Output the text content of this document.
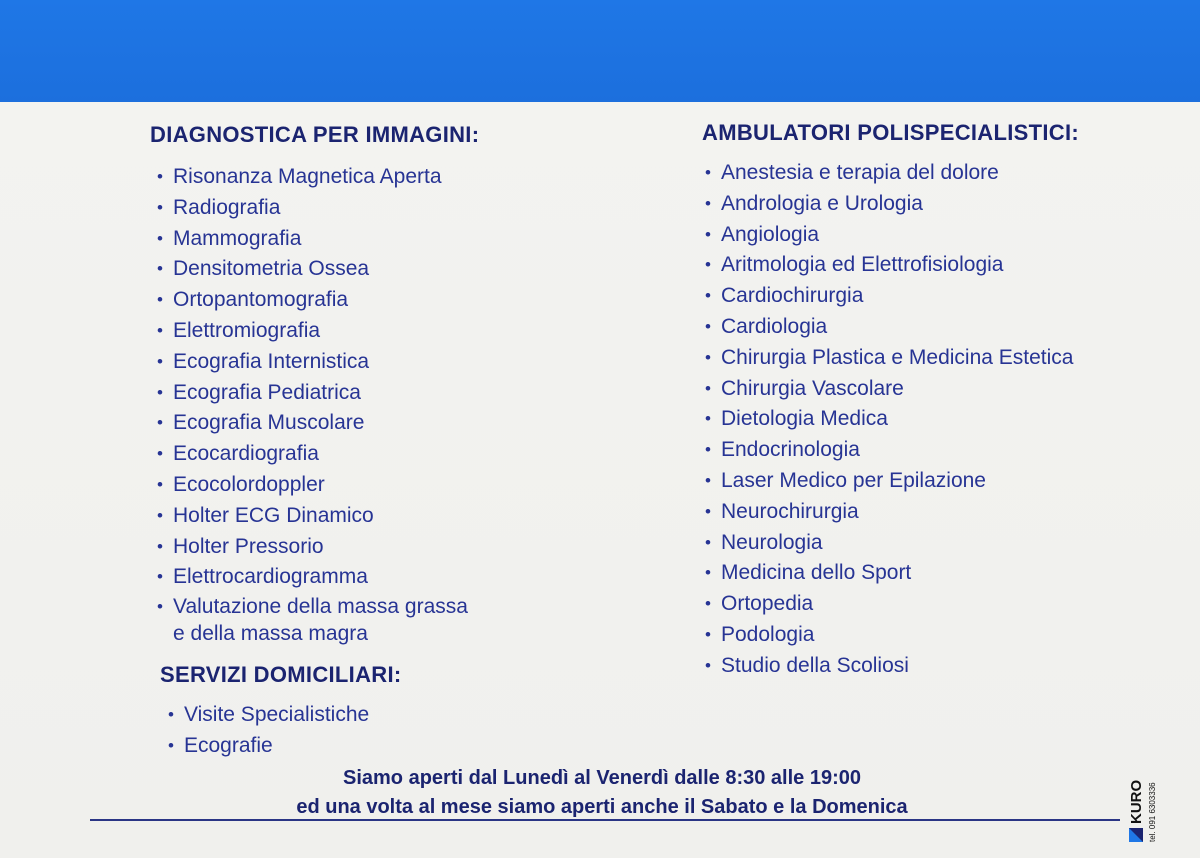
DIAGNOSTICA PER IMMAGINI:
• Risonanza Magnetica Aperta
• Radiografia
• Mammografia
• Densitometria Ossea
• Ortopantomografia
• Elettromiografia
• Ecografia Internistica
• Ecografia Pediatrica
• Ecografia Muscolare
• Ecocardiografia
• Ecocolordoppler
• Holter ECG Dinamico
• Holter Pressorio
• Elettrocardiogramma
• Valutazione della massa grassa
e della massa magra
SERVIZI DOMICILIARI:
• Visite Specialistiche
• Ecografie
AMBULATORI POLISPECIALISTICI:
• Anestesia e terapia del dolore
• Andrologia e Urologia
• Angiologia
• Aritmologia ed Elettrofisiologia
• Cardiochirurgia
• Cardiologia
• Chirurgia Plastica e Medicina Estetica
• Chirurgia Vascolare
• Dietologia Medica
• Endocrinologia
• Laser Medico per Epilazione
• Neurochirurgia
• Neurologia
• Medicina dello Sport
• Ortopedia
• Podologia
• Studio della Scoliosi
Siamo aperti dal Lunedì al Venerdì dalle 8:30 alle 19:00
ed una volta al mese siamo aperti anche il Sabato e la Domenica	KURO tel. 091 6303336
